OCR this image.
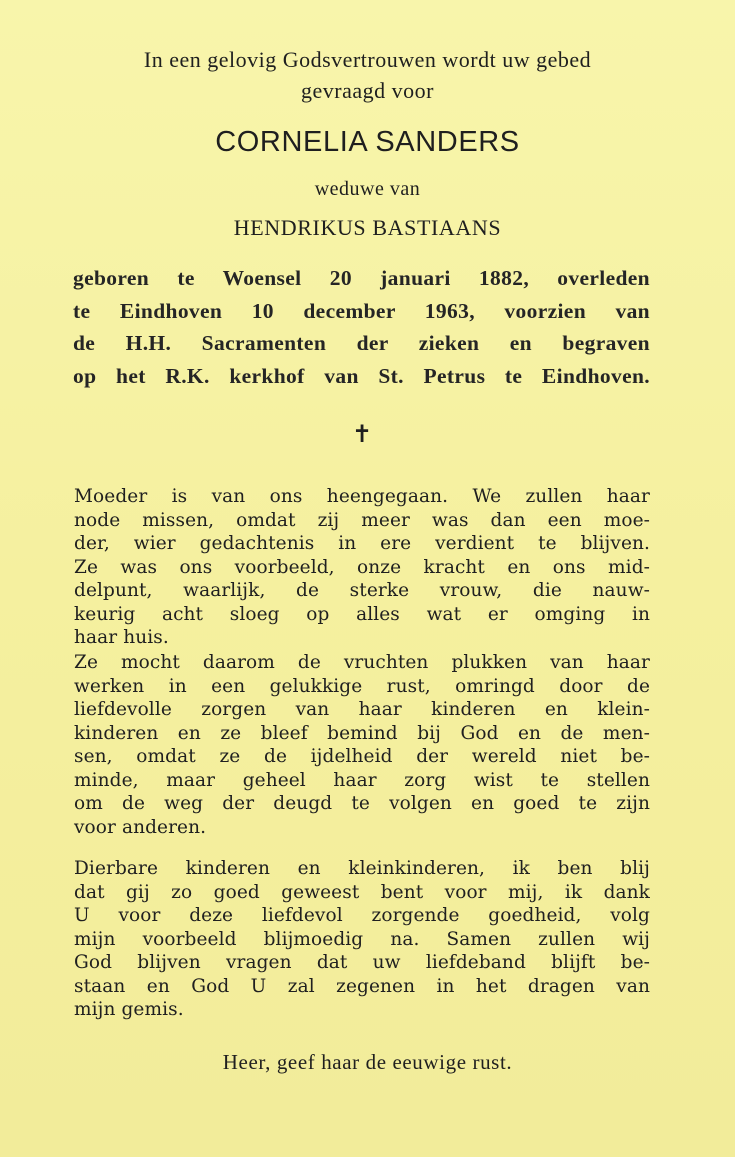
In een gelovig Godsvertrouwen wordt uw gebed
gevraagd voor
CORNELIA SANDERS
weduwe van
HENDRIKUS BASTIAANS
geboren te Woensel 20 januari 1882, overleden
te Eindhoven 10 december 1963, voorzien van
de H.H. Sacramenten der zieken en begraven
op het R.K. kerkhof van St. Petrus te Eindhoven.
✝
Moeder is van ons heengegaan. We zullen haar
node missen, omdat zij meer was dan een moe-
der, wier gedachtenis in ere verdient te blijven.
Ze was ons voorbeeld, onze kracht en ons mid-
delpunt, waarlijk, de sterke vrouw, die nauw-
keurig acht sloeg op alles wat er omging in
haar huis.
Ze mocht daarom de vruchten plukken van haar
werken in een gelukkige rust, omringd door de
liefdevolle zorgen van haar kinderen en klein-
kinderen en ze bleef bemind bij God en de men-
sen, omdat ze de ijdelheid der wereld niet be-
minde, maar geheel haar zorg wist te stellen
om de weg der deugd te volgen en goed te zijn
voor anderen.
Dierbare kinderen en kleinkinderen, ik ben blij
dat gij zo goed geweest bent voor mij, ik dank
U voor deze liefdevol zorgende goedheid, volg
mijn voorbeeld blijmoedig na. Samen zullen wij
God blijven vragen dat uw liefdeband blijft be-
staan en God U zal zegenen in het dragen van
mijn gemis.
Heer, geef haar de eeuwige rust.
